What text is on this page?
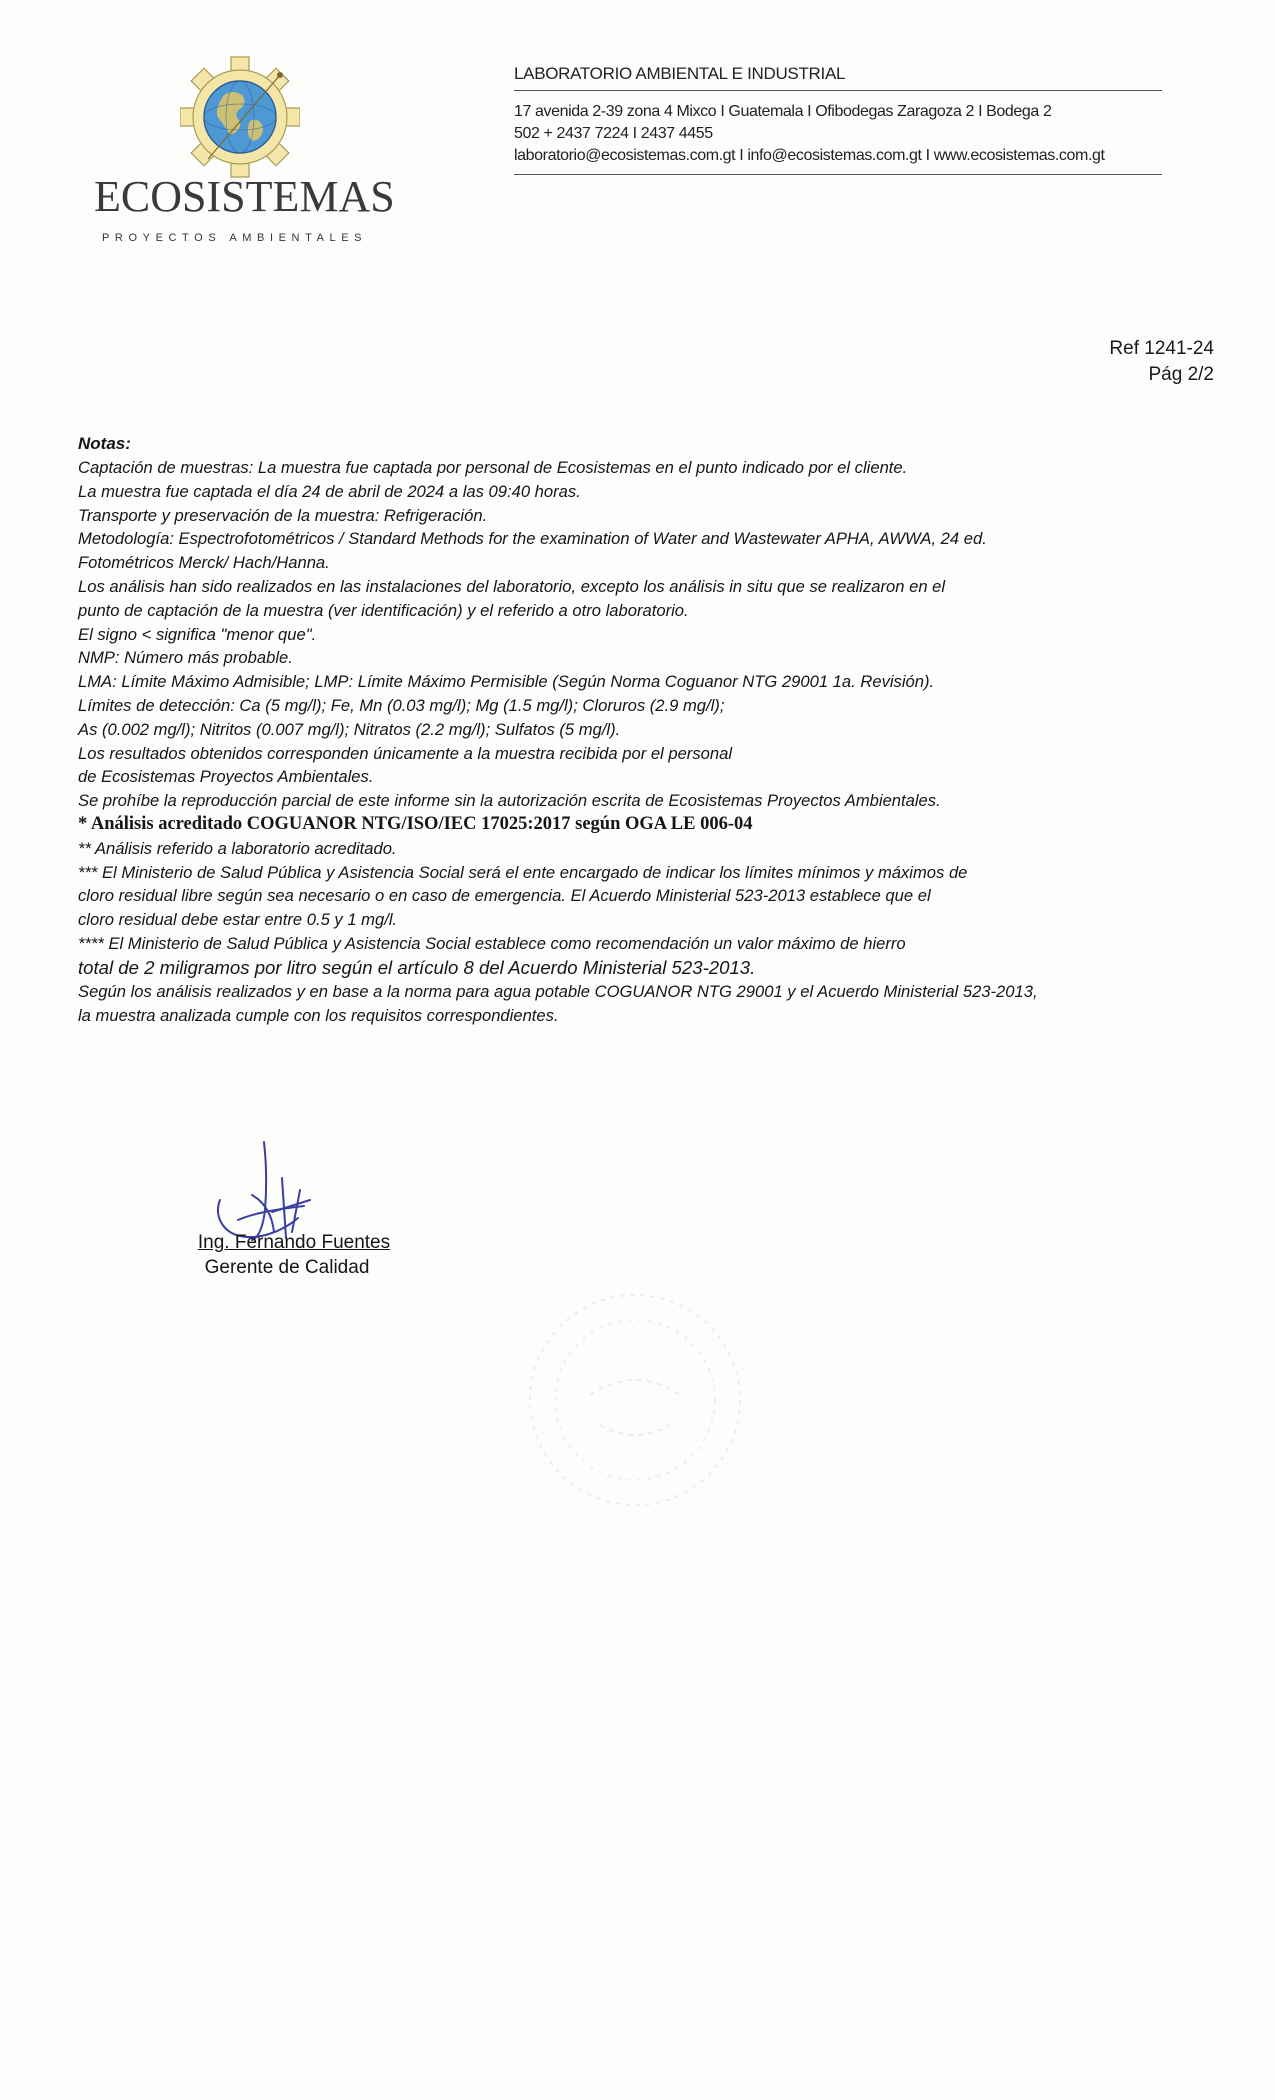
ECOSISTEMAS
PROYECTOS AMBIENTALES
LABORATORIO AMBIENTAL E INDUSTRIAL
17 avenida 2-39 zona 4 Mixco I Guatemala I Ofibodegas Zaragoza 2 I Bodega 2
502 + 2437 7224 I 2437 4455
laboratorio@ecosistemas.com.gt I info@ecosistemas.com.gt I www.ecosistemas.com.gt
Ref 1241-24
Pág 2/2
Notas:
Captación de muestras: La muestra fue captada por personal de Ecosistemas en el punto indicado por el cliente.
La muestra fue captada el día 24 de abril de 2024 a las 09:40 horas.
Transporte y preservación de la muestra: Refrigeración.
Metodología: Espectrofotométricos / Standard Methods for the examination of Water and Wastewater APHA, AWWA, 24 ed.
Fotométricos Merck/ Hach/Hanna.
Los análisis han sido realizados en las instalaciones del laboratorio, excepto los análisis in situ que se realizaron en el
punto de captación de la muestra (ver identificación) y el referido a otro laboratorio.
El signo < significa "menor que".
NMP: Número más probable.
LMA: Límite Máximo Admisible; LMP: Límite Máximo Permisible (Según Norma Coguanor NTG 29001 1a. Revisión).
Límites de detección: Ca (5 mg/l); Fe, Mn (0.03 mg/l); Mg (1.5 mg/l); Cloruros (2.9 mg/l);
As (0.002 mg/l); Nitritos (0.007 mg/l); Nitratos (2.2 mg/l); Sulfatos (5 mg/l).
Los resultados obtenidos corresponden únicamente a la muestra recibida por el personal
de Ecosistemas Proyectos Ambientales.
Se prohíbe la reproducción parcial de este informe sin la autorización escrita de Ecosistemas Proyectos Ambientales.
* Análisis acreditado COGUANOR NTG/ISO/IEC 17025:2017 según OGA LE 006-04
** Análisis referido a laboratorio acreditado.
*** El Ministerio de Salud Pública y Asistencia Social será el ente encargado de indicar los límites mínimos y máximos de
cloro residual libre según sea necesario o en caso de emergencia. El Acuerdo Ministerial 523-2013 establece que el
cloro residual debe estar entre 0.5 y 1 mg/l.
**** El Ministerio de Salud Pública y Asistencia Social establece como recomendación un valor máximo de hierro
total de 2 miligramos por litro según el artículo 8 del Acuerdo Ministerial 523-2013.
Según los análisis realizados y en base a la norma para agua potable COGUANOR NTG 29001 y el Acuerdo Ministerial 523-2013,
la muestra analizada cumple con los requisitos correspondientes.
Ing. Fernando Fuentes
Gerente de Calidad
